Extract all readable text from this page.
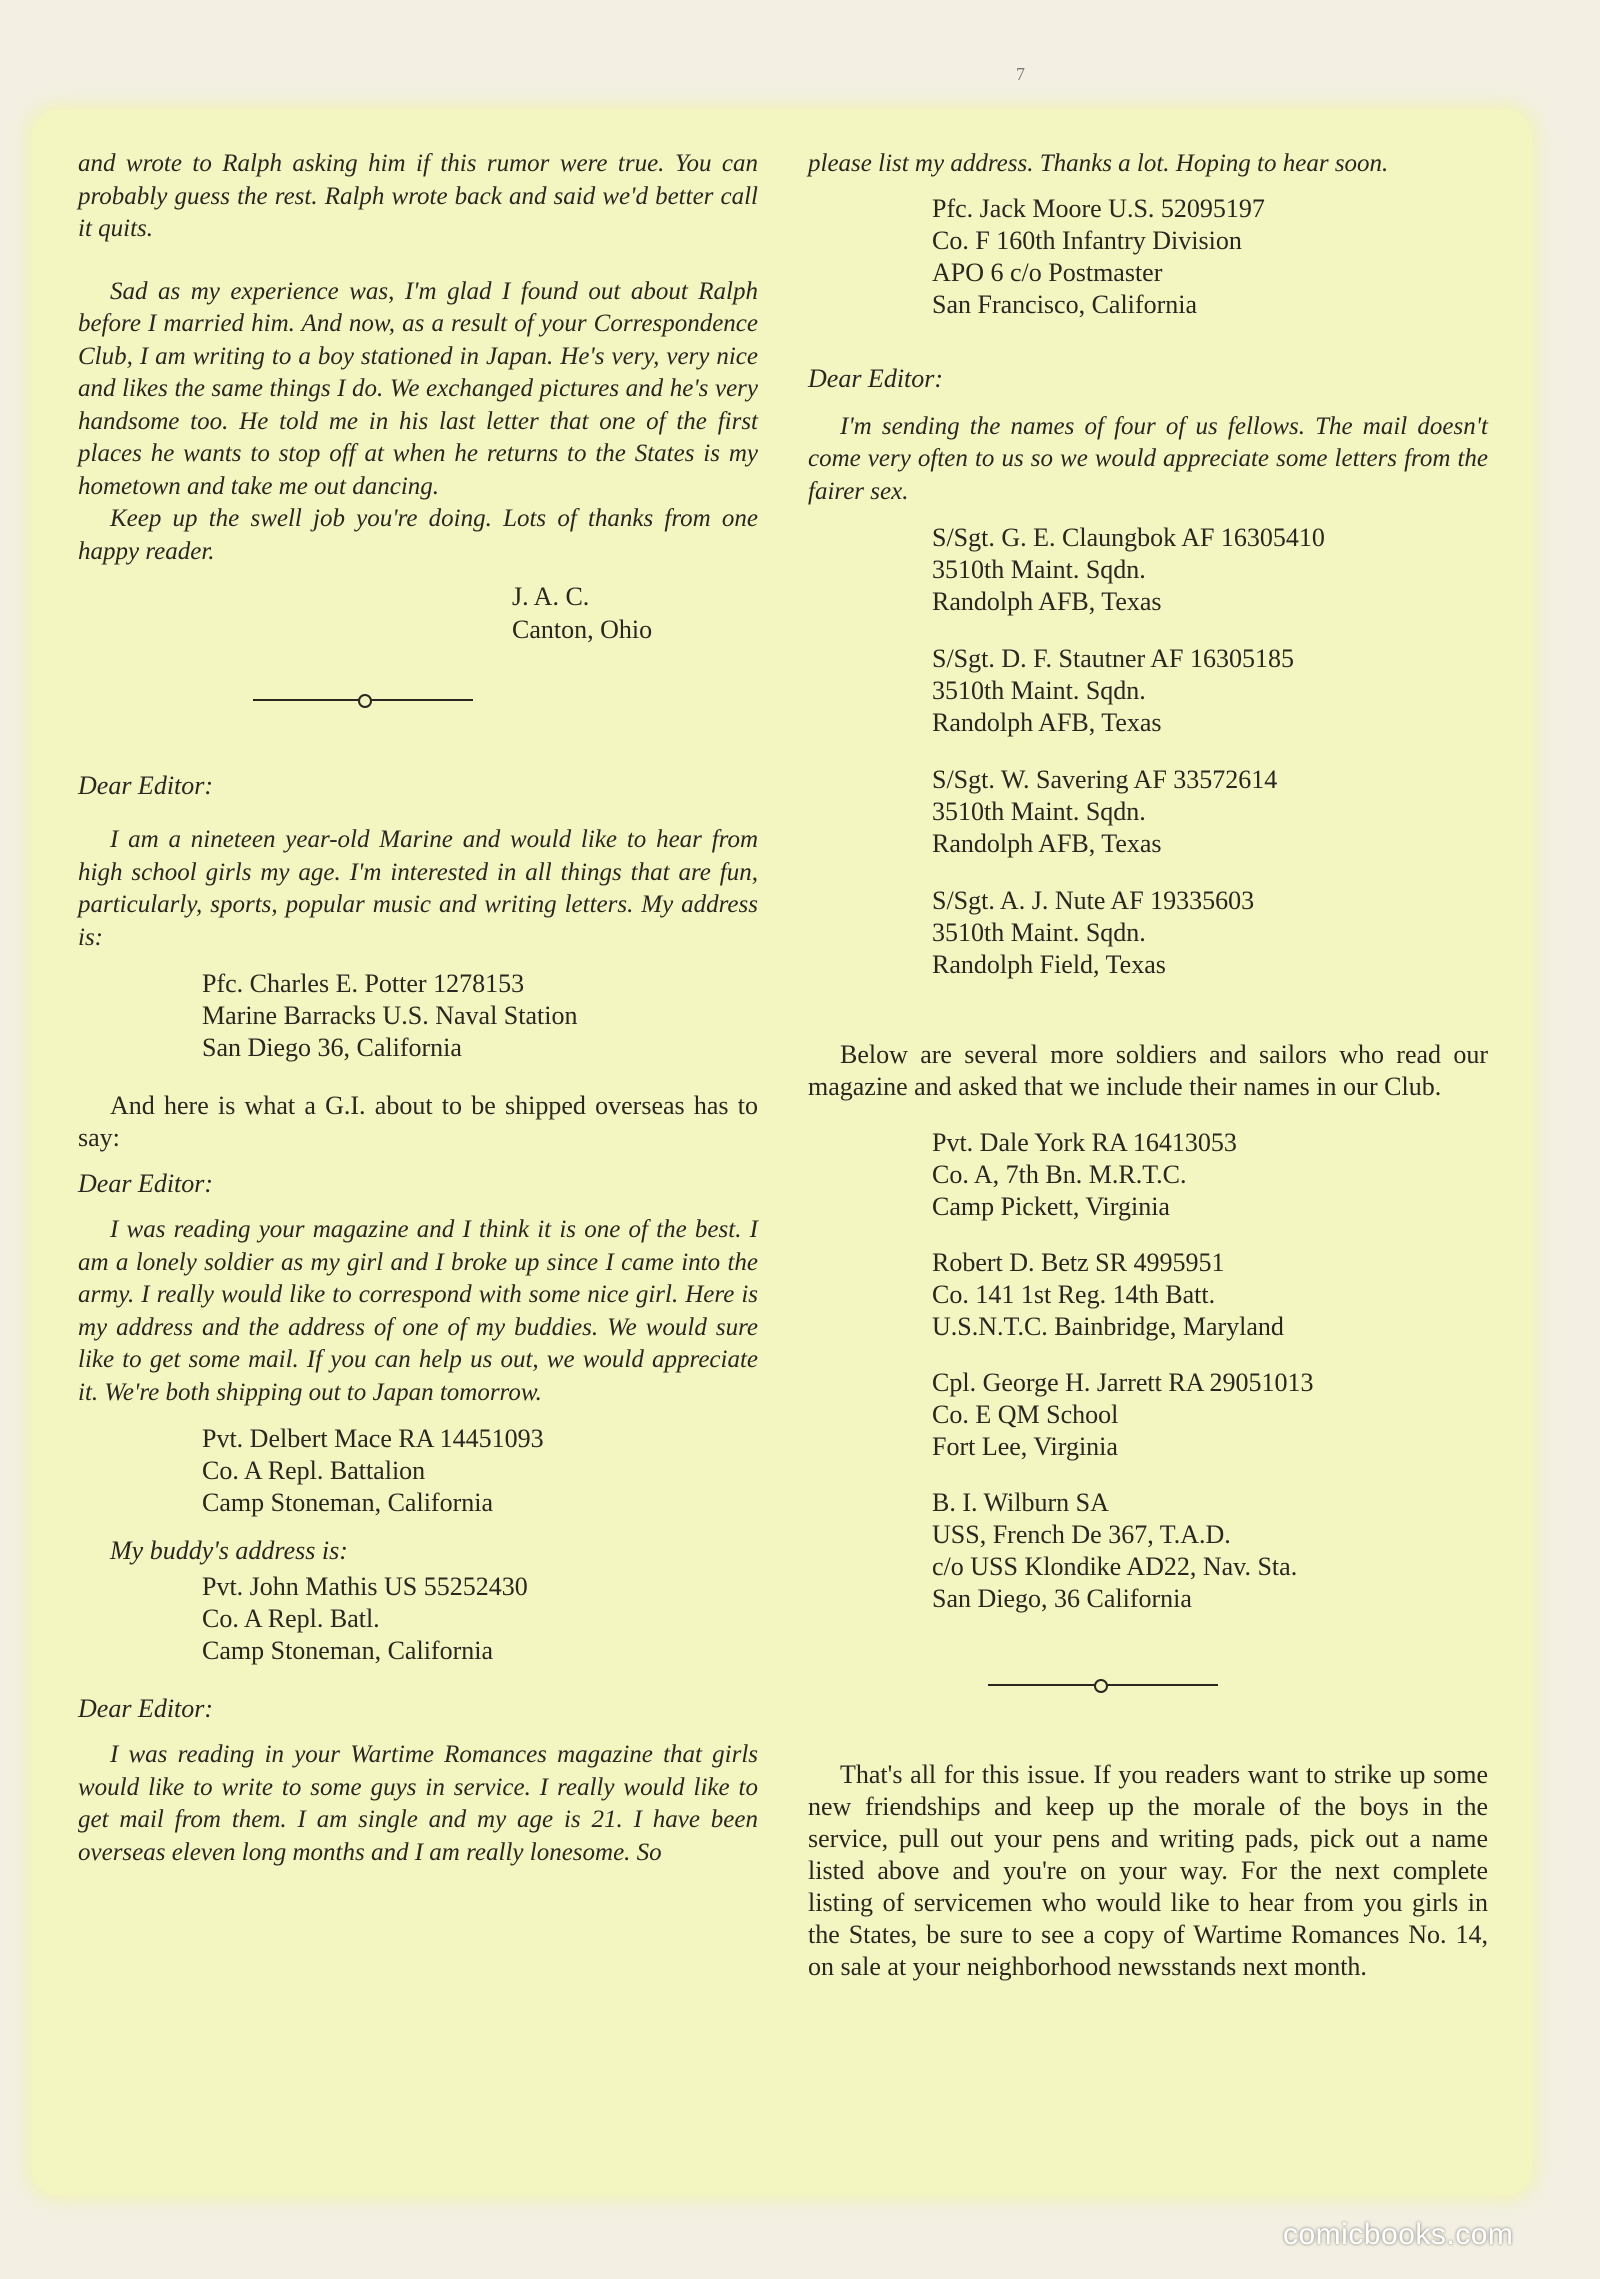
7

and wrote to Ralph asking him if this rumor were true. You can probably guess the rest. Ralph wrote back and said we'd better call it quits.

Sad as my experience was, I'm glad I found out about Ralph before I married him. And now, as a result of your Correspondence Club, I am writing to a boy stationed in Japan. He's very, very nice and likes the same things I do. We exchanged pictures and he's very handsome too. He told me in his last letter that one of the first places he wants to stop off at when he returns to the States is my hometown and take me out dancing.

Keep up the swell job you're doing. Lots of thanks from one happy reader.

J. A. C.
Canton, Ohio

Dear Editor:

I am a nineteen year-old Marine and would like to hear from high school girls my age. I'm interested in all things that are fun, particularly, sports, popular music and writing letters. My address is:

Pfc. Charles E. Potter 1278153
Marine Barracks U.S. Naval Station
San Diego 36, California

And here is what a G.I. about to be shipped overseas has to say:

Dear Editor:

I was reading your magazine and I think it is one of the best. I am a lonely soldier as my girl and I broke up since I came into the army. I really would like to correspond with some nice girl. Here is my address and the address of one of my buddies. We would sure like to get some mail. If you can help us out, we would appreciate it. We're both shipping out to Japan tomorrow.

Pvt. Delbert Mace RA 14451093
Co. A Repl. Battalion
Camp Stoneman, California

My buddy's address is:

Pvt. John Mathis US 55252430
Co. A Repl. Batl.
Camp Stoneman, California

Dear Editor:

I was reading in your Wartime Romances magazine that girls would like to write to some guys in service. I really would like to get mail from them. I am single and my age is 21. I have been overseas eleven long months and I am really lonesome. So

please list my address. Thanks a lot. Hoping to hear soon.

Pfc. Jack Moore U.S. 52095197
Co. F 160th Infantry Division
APO 6 c/o Postmaster
San Francisco, California

Dear Editor:

I'm sending the names of four of us fellows. The mail doesn't come very often to us so we would appreciate some letters from the fairer sex.

S/Sgt. G. E. Claungbok AF 16305410
3510th Maint. Sqdn.
Randolph AFB, Texas
S/Sgt. D. F. Stautner AF 16305185
3510th Maint. Sqdn.
Randolph AFB, Texas
S/Sgt. W. Savering AF 33572614
3510th Maint. Sqdn.
Randolph AFB, Texas
S/Sgt. A. J. Nute AF 19335603
3510th Maint. Sqdn.
Randolph Field, Texas

Below are several more soldiers and sailors who read our magazine and asked that we include their names in our Club.

Pvt. Dale York RA 16413053
Co. A, 7th Bn. M.R.T.C.
Camp Pickett, Virginia
Robert D. Betz SR 4995951
Co. 141 1st Reg. 14th Batt.
U.S.N.T.C. Bainbridge, Maryland
Cpl. George H. Jarrett RA 29051013
Co. E QM School
Fort Lee, Virginia
B. I. Wilburn SA
USS, French De 367, T.A.D.
c/o USS Klondike AD22, Nav. Sta.
San Diego, 36 California

That's all for this issue. If you readers want to strike up some new friendships and keep up the morale of the boys in the service, pull out your pens and writing pads, pick out a name listed above and you're on your way. For the next complete listing of servicemen who would like to hear from you girls in the States, be sure to see a copy of Wartime Romances No. 14, on sale at your neighborhood newsstands next month.

comicbooks.com
